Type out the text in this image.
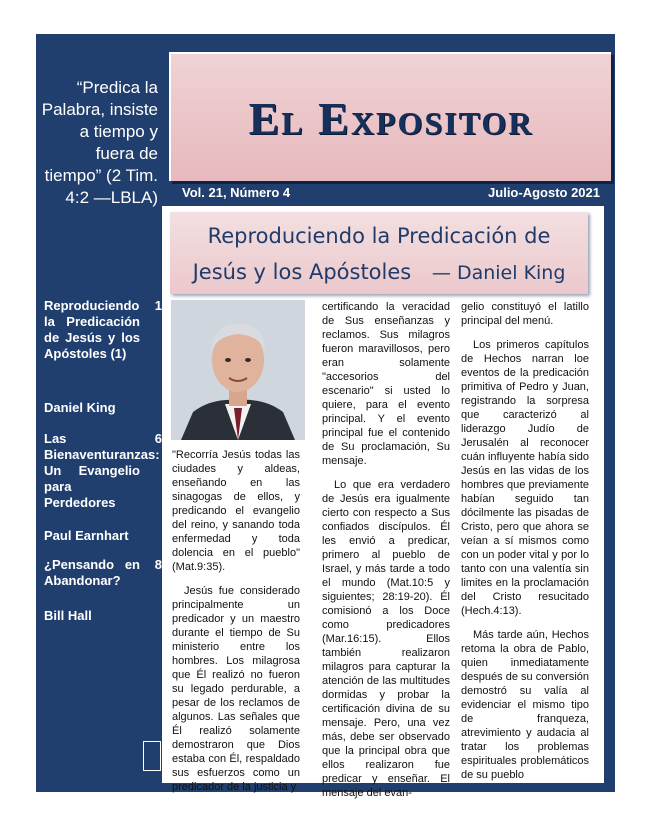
“Predica la Palabra, insiste a tiempo y fuera de tiempo” (2 Tim. 4:2 —LBLA)
Reproduciendo la Predicación de Jesús y los Apóstoles (1)
1
Daniel King
Las Bienaventuranzas: Un Evangelio para Perdedores
6
Paul Earnhart
¿Pensando en Abandonar?
8
Bill Hall
El Expositor
Vol. 21, Número 4	Julio-Agosto 2021
Reproduciendo la Predicación de
Jesús y los Apóstoles — Daniel King

"Recorría Jesús todas las ciudades y aldeas, enseñando en las sinagogas de ellos, y predicando el evangelio del reino, y sanando toda enfermedad y toda dolencia en el pueblo" (Mat.9:35).

Jesús fue considerado principalmente un predicador y un maestro durante el tiempo de Su ministerio entre los hombres. Los milagrosa que Él realizó no fueron su legado perdurable, a pesar de los reclamos de algunos. Las señales que Él realizó solamente demostraron que Dios estaba con Él, respaldado sus esfuerzos como un predicador de la justicia y

certificando la veracidad de Sus enseñanzas y reclamos. Sus milagros fueron maravillosos, pero eran solamente "accesorios del escenario" si usted lo quiere, para el evento principal. Y el evento principal fue el contenido de Su proclamación, Su mensaje.

Lo que era verdadero de Jesús era igualmente cierto con respecto a Sus confiados discípulos. Él les envió a predicar, primero al pueblo de Israel, y más tarde a todo el mundo (Mat.10:5 y siguientes; 28:19-20). Él comisionó a los Doce como predicadores (Mar.16:15). Ellos también realizaron milagros para capturar la atención de las multitudes dormidas y probar la certificación divina de su mensaje. Pero, una vez más, debe ser observado que la principal obra que ellos realizaron fue predicar y enseñar. El mensaje del evan-

gelio constituyó el latillo principal del menú.

Los primeros capítulos de Hechos narran loe eventos de la predicación primitiva of Pedro y Juan, registrando la sorpresa que caracterizó al liderazgo Judío de Jerusalén al reconocer cuán influyente había sido Jesús en las vidas de los hombres que previamente habían seguido tan dócilmente las pisadas de Cristo, pero que ahora se veían a sí mismos como con un poder vital y por lo tanto con una valentía sin limites en la proclamación del Cristo resucitado (Hech.4:13).

Más tarde aún, Hechos retoma la obra de Pablo, quien inmediatamente después de su conversión demostró su valía al evidenciar el mismo tipo de franqueza, atrevimiento y audacia al tratar los problemas espirituales problemáticos de su pueblo
